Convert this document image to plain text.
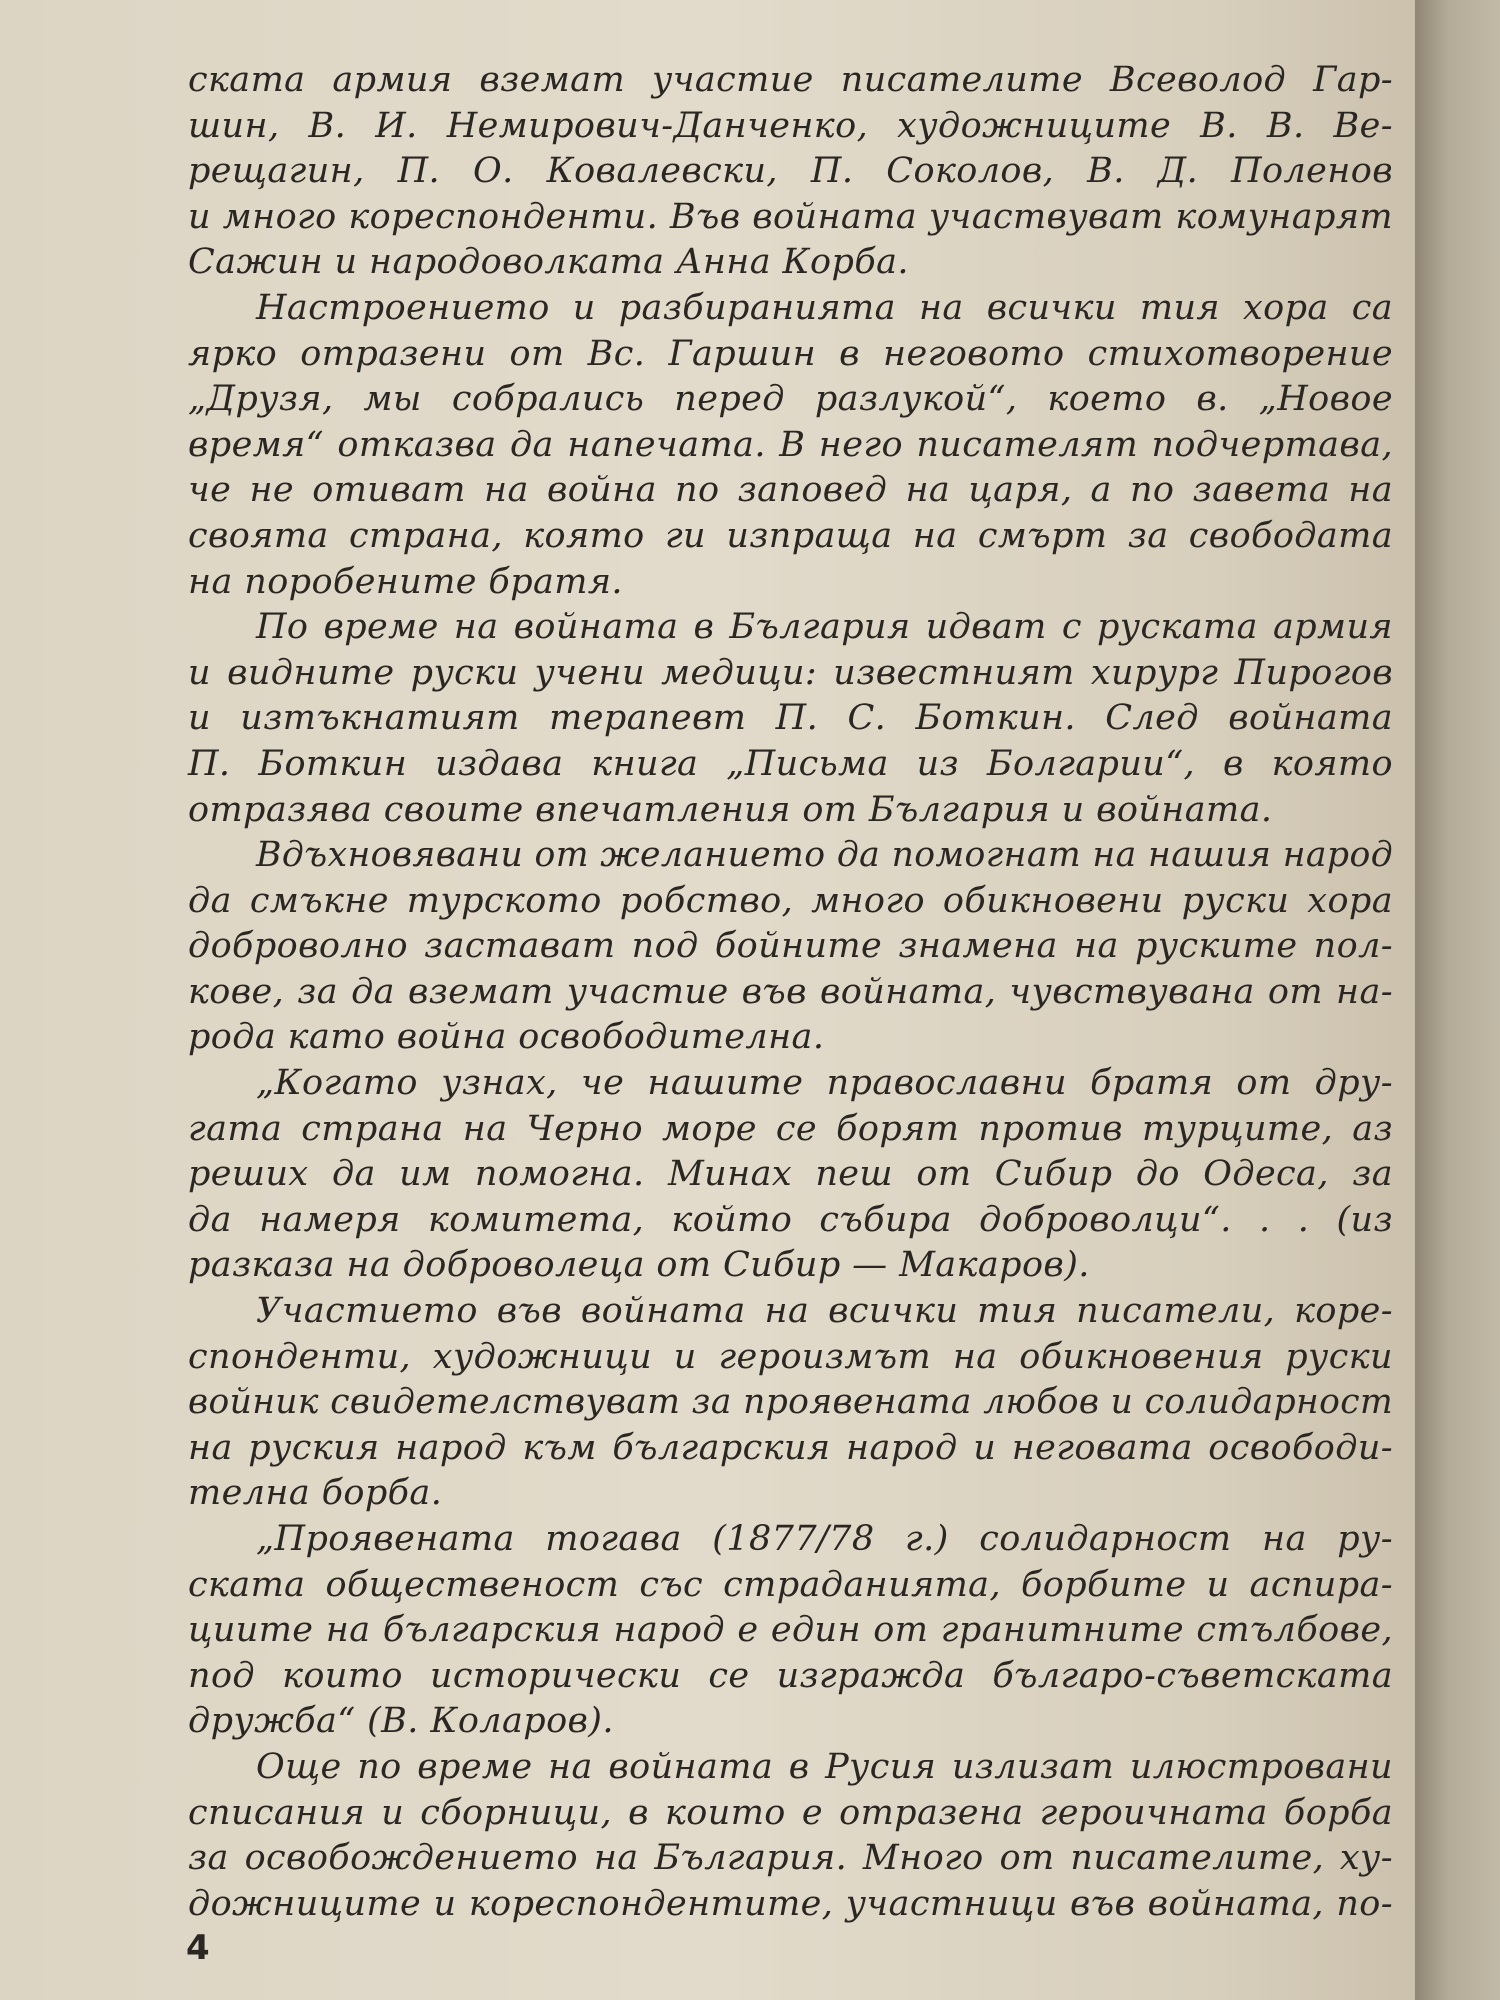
ската армия вземат участие писателите Всеволод Гар-
шин, В. И. Немирович-Данченко, художниците В. В. Ве-
рещагин, П. О. Ковалевски, П. Соколов, В. Д. Поленов
и много кореспонденти. Във войната участвуват комунарят
Сажин и народоволката Анна Корба.
Настроението и разбиранията на всички тия хора са
ярко отразени от Вс. Гаршин в неговото стихотворение
„Друзя, мы собрались перед разлукой“, което в. „Новое
время“ отказва да напечата. В него писателят подчертава,
че не отиват на война по заповед на царя, а по завета на
своята страна, която ги изпраща на смърт за свободата
на поробените братя.
По време на войната в България идват с руската армия
и видните руски учени медици: известният хирург Пирогов
и изтъкнатият терапевт П. С. Боткин. След войната
П. Боткин издава книга „Письма из Болгарии“, в която
отразява своите впечатления от България и войната.
Вдъхновявани от желанието да помогнат на нашия народ
да смъкне турското робство, много обикновени руски хора
доброволно застават под бойните знамена на руските пол-
кове, за да вземат участие във войната, чувствувана от на-
рода като война освободителна.
„Когато узнах, че нашите православни братя от дру-
гата страна на Черно море се борят против турците, аз
реших да им помогна. Минах пеш от Сибир до Одеса, за
да намеря комитета, който събира доброволци“. . . (из
разказа на доброволеца от Сибир — Макаров).
Участието във войната на всички тия писатели, коре-
спонденти, художници и героизмът на обикновения руски
войник свидетелствуват за проявената любов и солидарност
на руския народ към българския народ и неговата освободи-
телна борба.
„Проявената тогава (1877/78 г.) солидарност на ру-
ската общественост със страданията, борбите и аспира-
циите на българския народ е един от гранитните стълбове,
под които исторически се изгражда българо-съветската
дружба“ (В. Коларов).
Още по време на войната в Русия излизат илюстровани
списания и сборници, в които е отразена героичната борба
за освобождението на България. Много от писателите, ху-
дожниците и кореспондентите, участници във войната, по-
4
